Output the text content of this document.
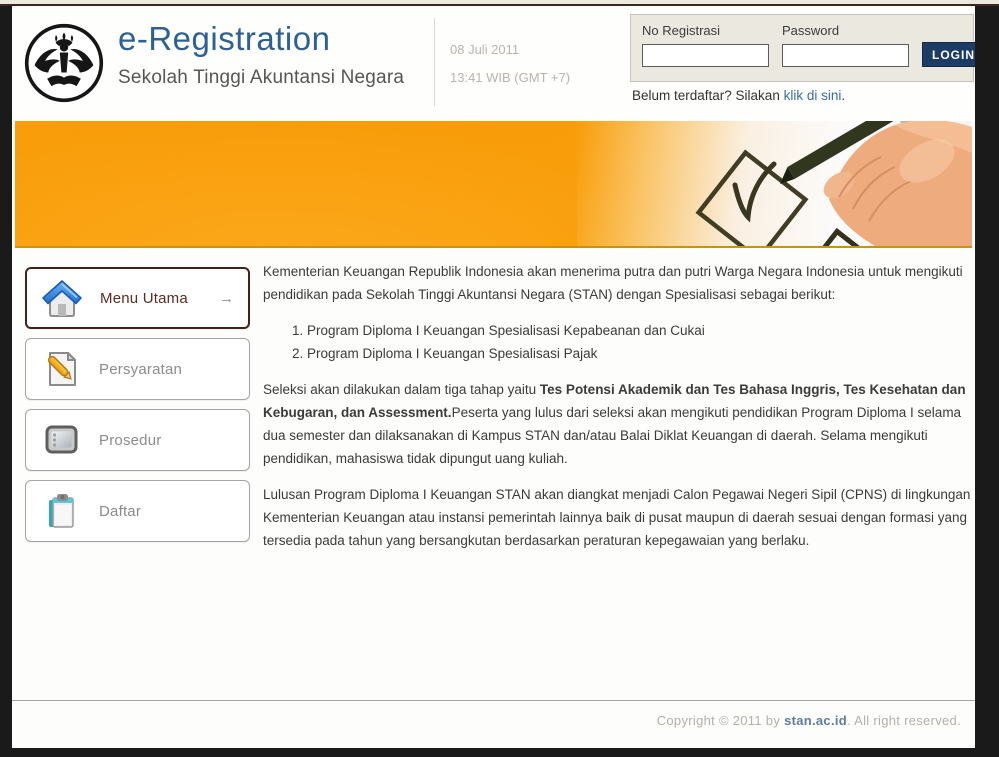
e-Registration
Sekolah Tinggi Akuntansi Negara
08 Juli 2011
13:41 WIB (GMT +7)
No Registrasi	Password
LOGIN
Belum terdaftar? Silakan klik di sini.
Menu Utama →
Persyaratan
Prosedur
Daftar

Kementerian Keuangan Republik Indonesia akan menerima putra dan putri Warga Negara Indonesia untuk mengikuti pendidikan pada Sekolah Tinggi Akuntansi Negara (STAN) dengan Spesialisasi sebagai berikut:

1. Program Diploma I Keuangan Spesialisasi Kepabeanan dan Cukai
2. Program Diploma I Keuangan Spesialisasi Pajak

Seleksi akan dilakukan dalam tiga tahap yaitu Tes Potensi Akademik dan Tes Bahasa Inggris, Tes Kesehatan dan Kebugaran, dan Assessment.Peserta yang lulus dari seleksi akan mengikuti pendidikan Program Diploma I selama dua semester dan dilaksanakan di Kampus STAN dan/atau Balai Diklat Keuangan di daerah. Selama mengikuti pendidikan, mahasiswa tidak dipungut uang kuliah.

Lulusan Program Diploma I Keuangan STAN akan diangkat menjadi Calon Pegawai Negeri Sipil (CPNS) di lingkungan Kementerian Keuangan atau instansi pemerintah lainnya baik di pusat maupun di daerah sesuai dengan formasi yang tersedia pada tahun yang bersangkutan berdasarkan peraturan kepegawaian yang berlaku.

Copyright © 2011 by stan.ac.id. All right reserved.
